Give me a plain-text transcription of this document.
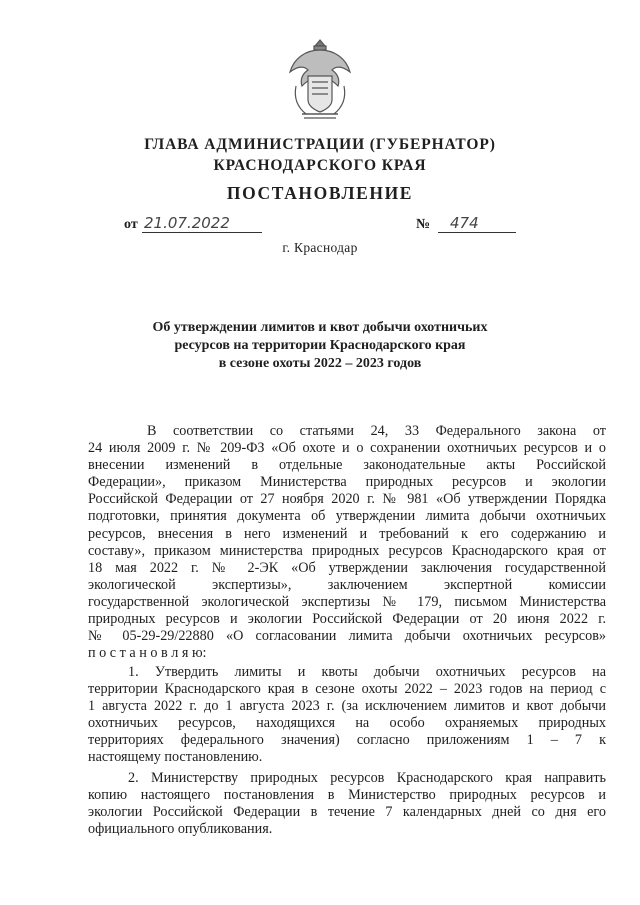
ГЛАВА АДМИНИСТРАЦИИ (ГУБЕРНАТОР)
КРАСНОДАРСКОГО КРАЯ
ПОСТАНОВЛЕНИЕ
от 21.07.2022	№	474
г. Краснодар
Об утверждении лимитов и квот добычи охотничьих
ресурсов на территории Краснодарского края
в сезоне охоты 2022 – 2023 годов
В соответствии со статьями 24, 33 Федерального закона от
24 июля 2009 г. № 209-ФЗ «Об охоте и о сохранении охотничьих ресурсов и о
внесении изменений в отдельные законодательные акты Российской
Федерации», приказом Министерства природных ресурсов и экологии
Российской Федерации от 27 ноября 2020 г. № 981 «Об утверждении Порядка
подготовки, принятия документа об утверждении лимита добычи охотничьих
ресурсов, внесения в него изменений и требований к его содержанию и
составу», приказом министерства природных ресурсов Краснодарского края от
18 мая 2022 г. № 2-ЭК «Об утверждении заключения государственной
экологической экспертизы», заключением экспертной комиссии
государственной экологической экспертизы № 179, письмом Министерства
природных ресурсов и экологии Российской Федерации от 20 июня 2022 г.
№ 05-29-29/22880 «О согласовании лимита добычи охотничьих ресурсов»
п о с т а н о в л я ю:
1. Утвердить лимиты и квоты добычи охотничьих ресурсов на
территории Краснодарского края в сезоне охоты 2022 – 2023 годов на период с
1 августа 2022 г. до 1 августа 2023 г. (за исключением лимитов и квот добычи
охотничьих ресурсов, находящихся на особо охраняемых природных
территориях федерального значения) согласно приложениям 1 – 7 к
настоящему постановлению.
2. Министерству природных ресурсов Краснодарского края направить
копию настоящего постановления в Министерство природных ресурсов и
экологии Российской Федерации в течение 7 календарных дней со дня его
официального опубликования.
